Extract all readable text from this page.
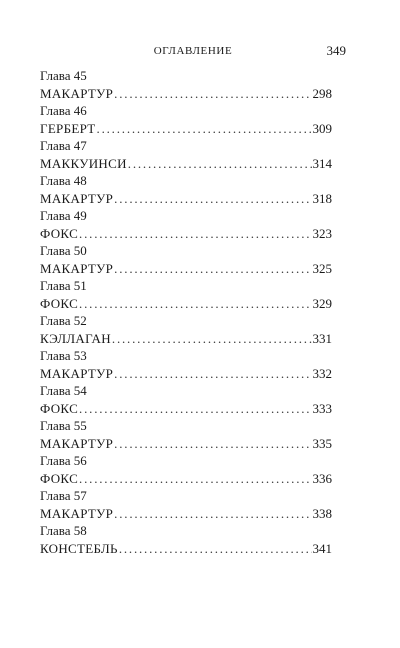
ОГЛАВЛЕНИЕ	349
Глава 45
МАКАРТУР .....	298
Глава 46
ГЕРБЕРТ .....	309
Глава 47
МАККУИНСИ .....	314
Глава 48
МАКАРТУР .....	318
Глава 49
ФОКС .....	323
Глава 50
МАКАРТУР .....	325
Глава 51
ФОКС .....	329
Глава 52
КЭЛЛАГАН .....	331
Глава 53
МАКАРТУР .....	332
Глава 54
ФОКС .....	333
Глава 55
МАКАРТУР .....	335
Глава 56
ФОКС .....	336
Глава 57
МАКАРТУР .....	338
Глава 58
КОНСТЕБЛЬ .....	341
